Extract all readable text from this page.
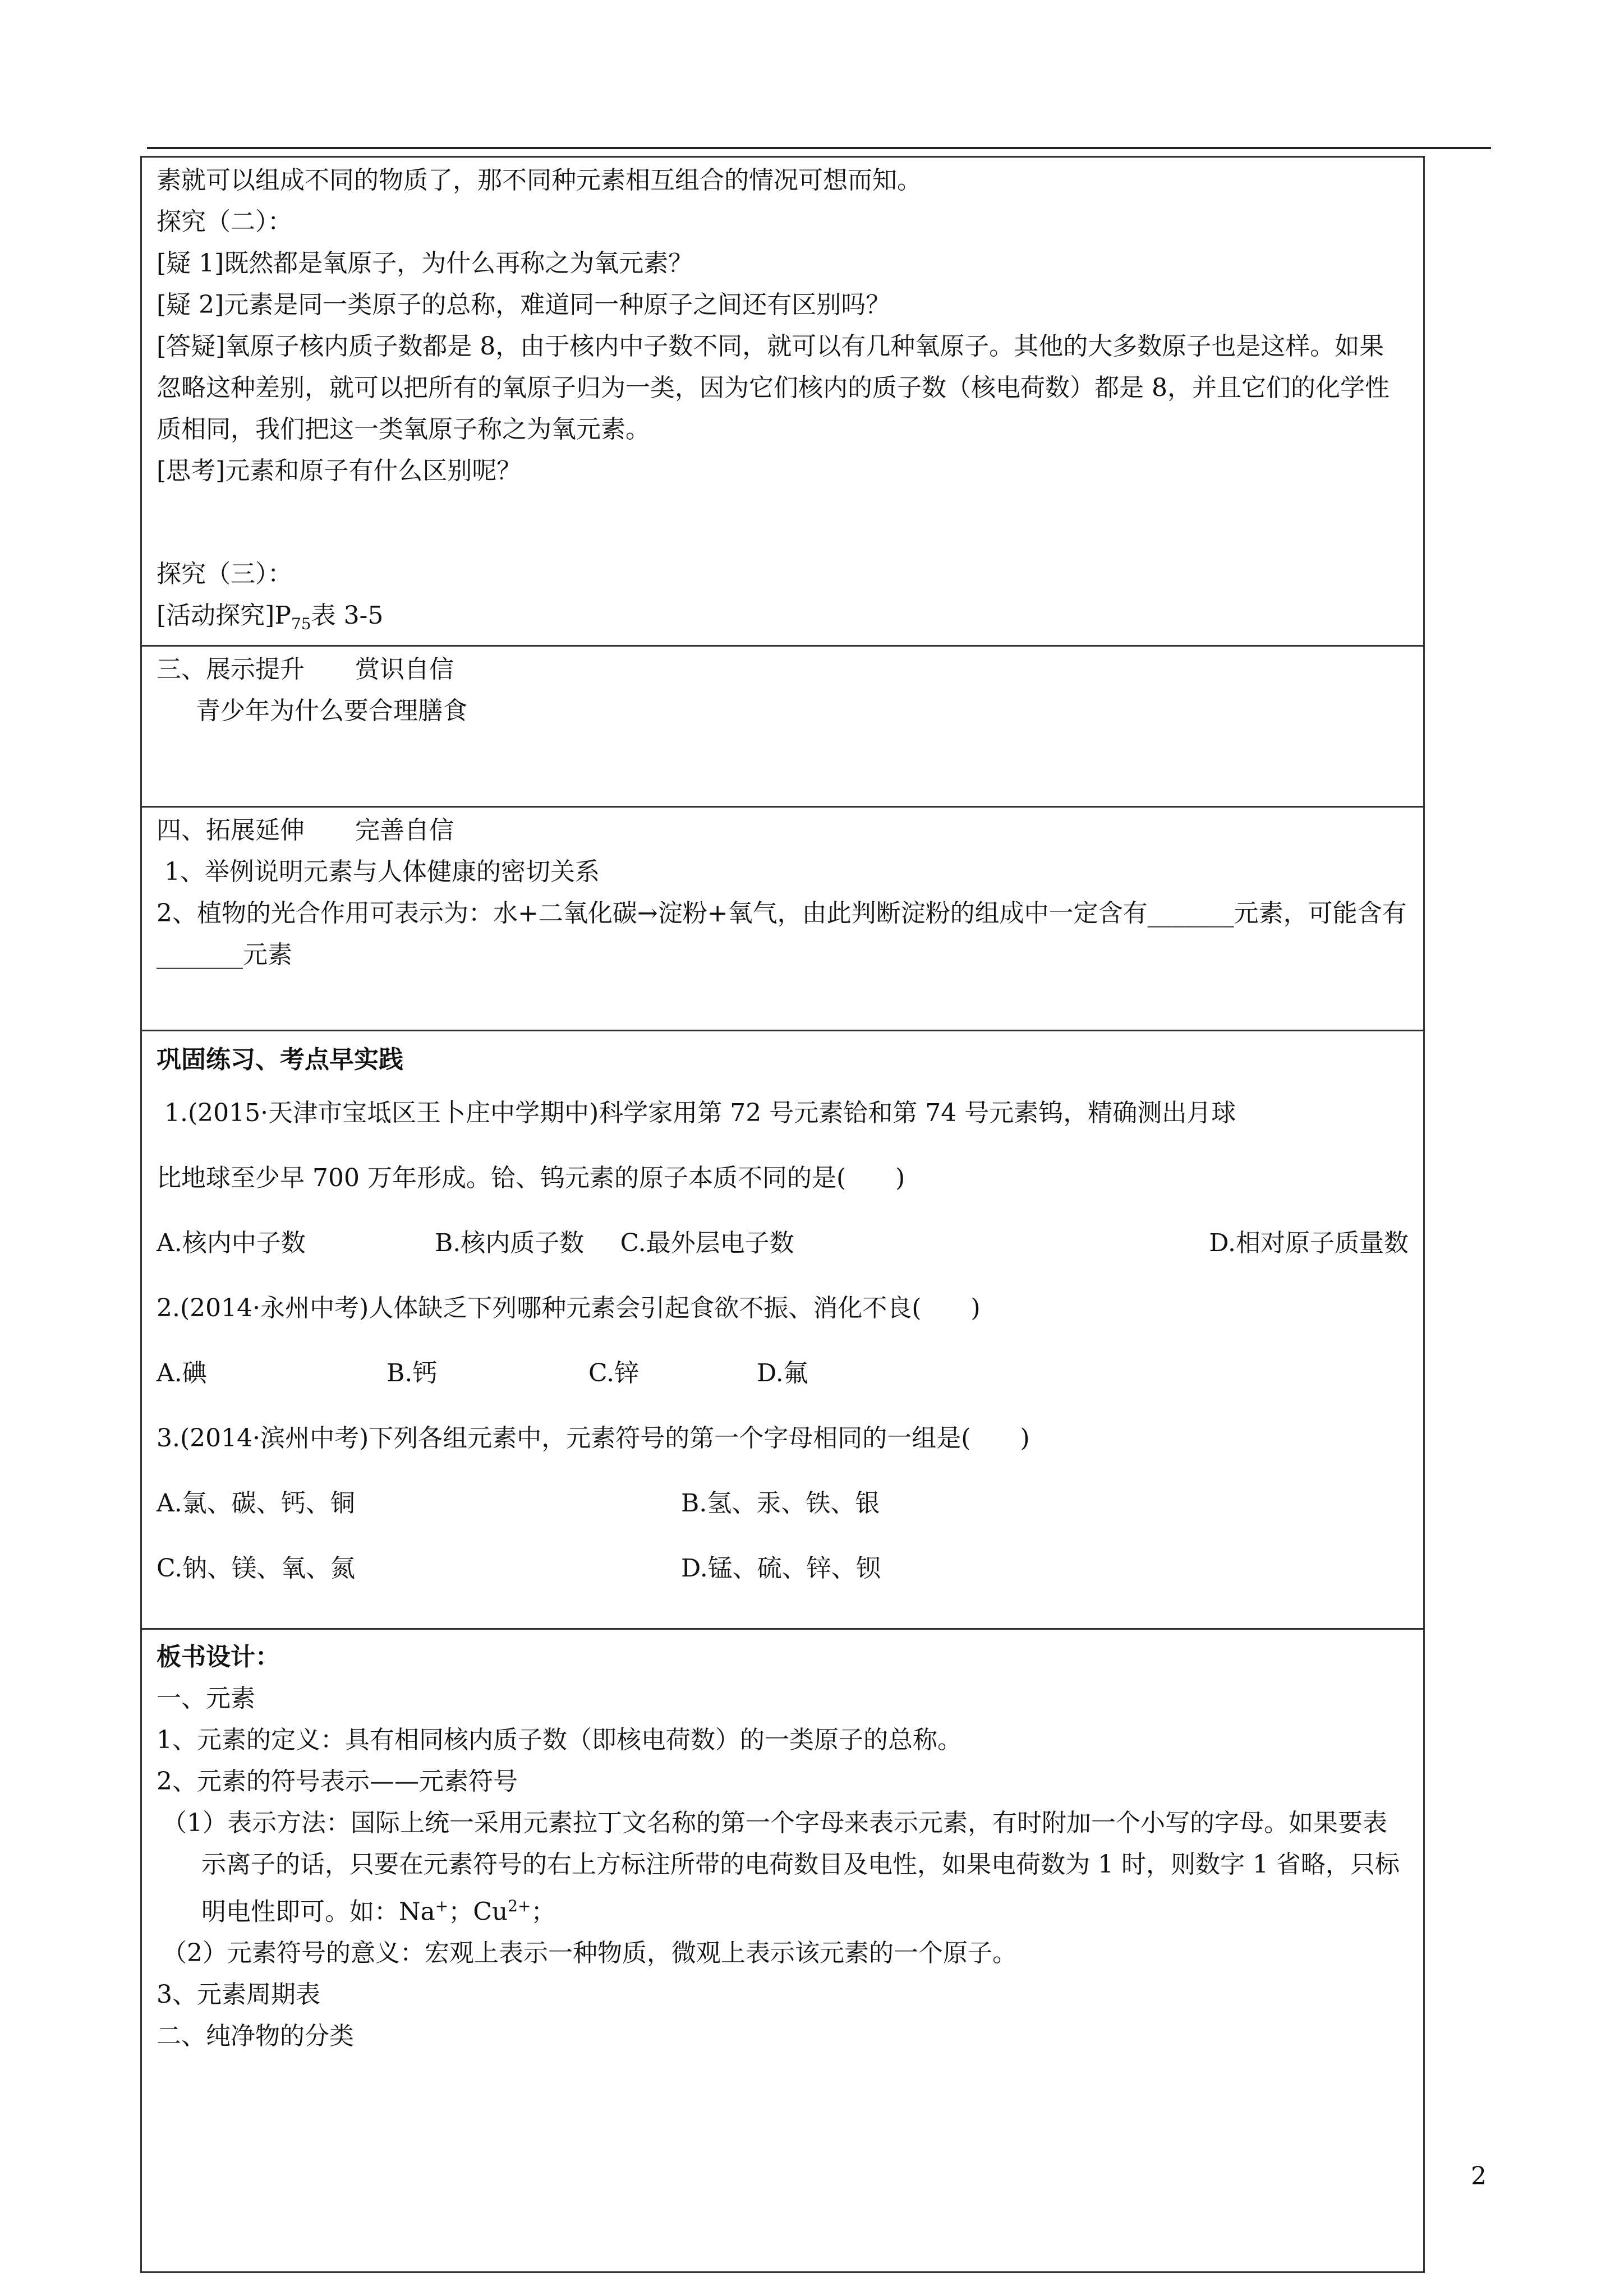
素就可以组成不同的物质了，那不同种元素相互组合的情况可想而知。

探究（二）：

[疑 1]既然都是氧原子，为什么再称之为氧元素？

[疑 2]元素是同一类原子的总称，难道同一种原子之间还有区别吗？

[答疑]氧原子核内质子数都是 8，由于核内中子数不同，就可以有几种氧原子。其他的大多数原子也是这样。如果忽略这种差别，就可以把所有的氧原子归为一类，因为它们核内的质子数（核电荷数）都是 8，并且它们的化学性质相同，我们把这一类氧原子称之为氧元素。

[思考]元素和原子有什么区别呢？

探究（三）：

[活动探究]$P_{75}$表 3-5

三、展示提升 赏识自信

青少年为什么要合理膳食

四、拓展延伸 完善自信

1、举例说明元素与人体健康的密切关系

2、植物的光合作用可表示为：水+二氧化碳→淀粉+氧气，由此判断淀粉的组成中一定含有_______元素，可能含有_______元素

巩固练习、考点早实践

1.(2015·天津市宝坻区王卜庄中学期中)科学家用第 72 号元素铪和第 74 号元素钨，精确测出月球

比地球至少早 700 万年形成。铪、钨元素的原子本质不同的是(　　)

A.核内中子数	B.核内质子数	C.最外层电子数	D.相对原子质量数

2.(2014·永州中考)人体缺乏下列哪种元素会引起食欲不振、消化不良(　　)

A.碘	B.钙	C.锌	D.氟

3.(2014·滨州中考)下列各组元素中，元素符号的第一个字母相同的一组是(　　)

A.氯、碳、钙、铜	B.氢、汞、铁、银
C.钠、镁、氧、氮	D.锰、硫、锌、钡

板书设计：

一、元素

1、元素的定义：具有相同核内质子数（即核电荷数）的一类原子的总称。

2、元素的符号表示——元素符号

（1）表示方法：国际上统一采用元素拉丁文名称的第一个字母来表示元素，有时附加一个小写的字母。如果要表示离子的话，只要在元素符号的右上方标注所带的电荷数目及电性，如果电荷数为 1 时，则数字 1 省略，只标明电性即可。如：Na+；$Cu^{2+}$；

（2）元素符号的意义：宏观上表示一种物质，微观上表示该元素的一个原子。

3、元素周期表

二、纯净物的分类

2
